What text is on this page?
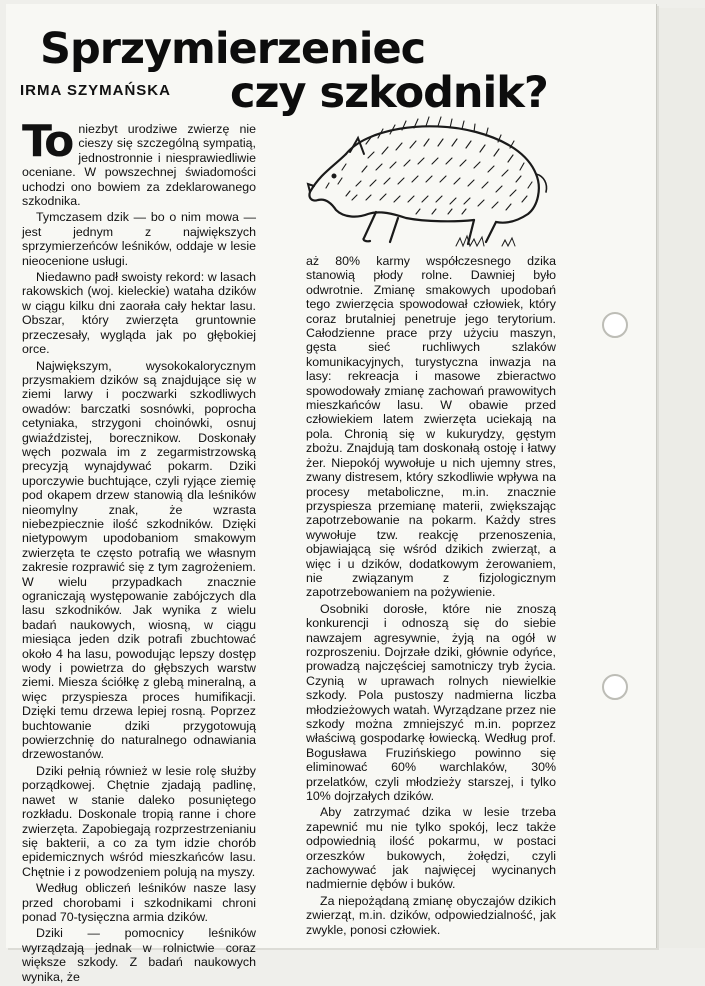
Sprzymierzeniec
IRMA SZYMAŃSKA czy szkodnik?

To niezbyt urodziwe zwierzę nie cieszy się szczególną sympatią, jednostronnie i niesprawiedliwie oceniane. W powszechnej świadomości uchodzi ono bowiem za zdeklarowanego szkodnika.

Tymczasem dzik — bo o nim mowa — jest jednym z największych sprzymierzeńców leśników, oddaje w lesie nieocenione usługi.

Niedawno padł swoisty rekord: w lasach rakowskich (woj. kieleckie) wataha dzików w ciągu kilku dni zaorała cały hektar lasu. Obszar, który zwierzęta gruntownie przeczesały, wygląda jak po głębokiej orce.

Największym, wysokokalorycznym przysmakiem dzików są znajdujące się w ziemi larwy i poczwarki szkodliwych owadów: barczatki sosnówki, poprocha cetyniaka, strzygoni choinówki, osnuj gwiaździstej, borecznikow. Doskonały węch pozwala im z zegarmistrzowską precyzją wynajdywać pokarm. Dziki uporczywie buchtujące, czyli ryjące ziemię pod okapem drzew stanowią dla leśników nieomylny znak, że wzrasta niebezpiecznie ilość szkodników. Dzięki nietypowym upodobaniom smakowym zwierzęta te często potrafią we własnym zakresie rozprawić się z tym zagrożeniem. W wielu przypadkach znacznie ograniczają występowanie zabójczych dla lasu szkodników. Jak wynika z wielu badań naukowych, wiosną, w ciągu miesiąca jeden dzik potrafi zbuchtować około 4 ha lasu, powodując lepszy dostęp wody i powietrza do głębszych warstw ziemi. Miesza ściółkę z glebą mineralną, a więc przyspiesza proces humifikacji. Dzięki temu drzewa lepiej rosną. Poprzez buchtowanie dziki przygotowują powierzchnię do naturalnego odnawiania drzewostanów.

Dziki pełnią również w lesie rolę służby porządkowej. Chętnie zjadają padlinę, nawet w stanie daleko posuniętego rozkładu. Doskonale tropią ranne i chore zwierzęta. Zapobiegają rozprzestrzenianiu się bakterii, a co za tym idzie chorób epidemicznych wśród mieszkańców lasu. Chętnie i z powodzeniem polują na myszy.

Według obliczeń leśników nasze lasy przed chorobami i szkodnikami chroni ponad 70-tysięczna armia dzików.

Dziki — pomocnicy leśników wyrządzają jednak w rolnictwie coraz większe szkody. Z badań naukowych wynika, że

aż 80% karmy współczesnego dzika stanowią płody rolne. Dawniej było odwrotnie. Zmianę smakowych upodobań tego zwierzęcia spowodował człowiek, który coraz brutalniej penetruje jego terytorium. Całodzienne prace przy użyciu maszyn, gęsta sieć ruchliwych szlaków komunikacyjnych, turystyczna inwazja na lasy: rekreacja i masowe zbieractwo spowodowały zmianę zachowań prawowitych mieszkańców lasu. W obawie przed człowiekiem latem zwierzęta uciekają na pola. Chronią się w kukurydzy, gęstym zbożu. Znajdują tam doskonałą ostoję i łatwy żer. Niepokój wywołuje u nich ujemny stres, zwany distresem, który szkodliwie wpływa na procesy metaboliczne, m.in. znacznie przyspiesza przemianę materii, zwiększając zapotrzebowanie na pokarm. Każdy stres wywołuje tzw. reakcję przenoszenia, objawiającą się wśród dzikich zwierząt, a więc i u dzików, dodatkowym żerowaniem, nie związanym z fizjologicznym zapotrzebowaniem na pożywienie.

Osobniki dorosłe, które nie znoszą konkurencji i odnoszą się do siebie nawzajem agresywnie, żyją na ogół w rozproszeniu. Dojrzałe dziki, głównie odyńce, prowadzą najczęściej samotniczy tryb życia. Czynią w uprawach rolnych niewielkie szkody. Pola pustoszy nadmierna liczba młodzieżowych watah. Wyrządzane przez nie szkody można zmniejszyć m.in. poprzez właściwą gospodarkę łowiecką. Według prof. Bogusława Fruzińskiego powinno się eliminować 60% warchlaków, 30% przelatków, czyli młodzieży starszej, i tylko 10% dojrzałych dzików.

Aby zatrzymać dzika w lesie trzeba zapewnić mu nie tylko spokój, lecz także odpowiednią ilość pokarmu, w postaci orzeszków bukowych, żołędzi, czyli zachowywać jak najwięcej wycinanych nadmiernie dębów i buków.

Za niepożądaną zmianę obyczajów dzikich zwierząt, m.in. dzików, odpowiedzialność, jak zwykle, ponosi człowiek.
